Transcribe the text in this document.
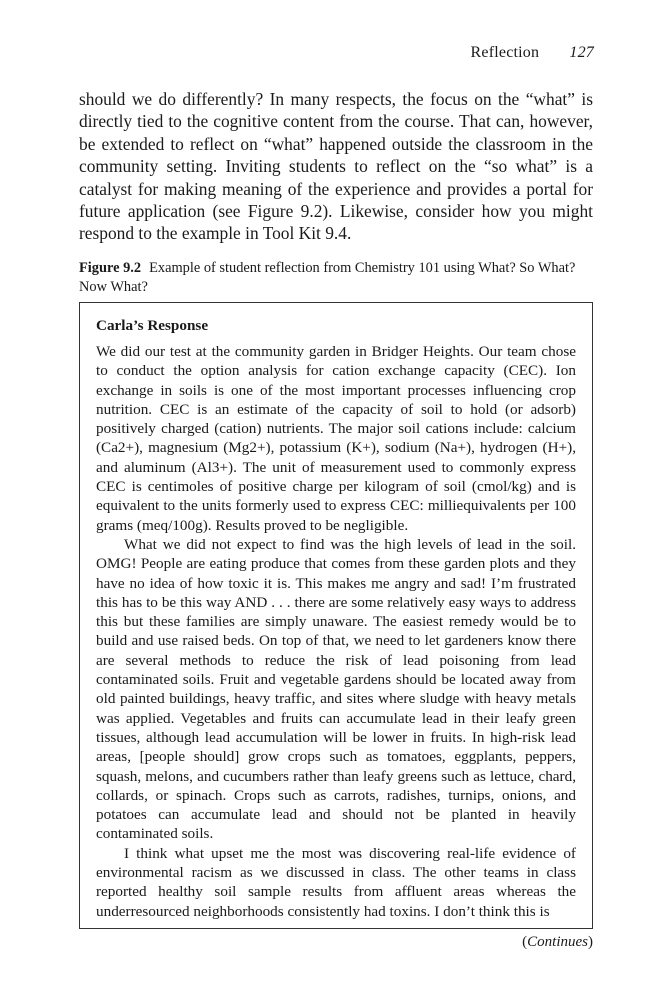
Reflection 127

should we do differently? In many respects, the focus on the “what” is directly tied to the cognitive content from the course. That can, however, be extended to reflect on “what” happened outside the classroom in the community setting. Inviting students to reflect on the “so what” is a catalyst for making meaning of the experience and provides a portal for future application (see Figure 9.2). Likewise, consider how you might respond to the example in Tool Kit 9.4.

Figure 9.2 Example of student reflection from Chemistry 101 using What? So What? Now What?

Carla’s Response

We did our test at the community garden in Bridger Heights. Our team chose to conduct the option analysis for cation exchange capacity (CEC). Ion exchange in soils is one of the most important processes influencing crop nutrition. CEC is an estimate of the capacity of soil to hold (or adsorb) positively charged (cation) nutrients. The major soil cations include: calcium (Ca2+), magnesium (Mg2+), potassium (K+), sodium (Na+), hydrogen (H+), and aluminum (Al3+). The unit of measurement used to commonly express CEC is centimoles of positive charge per kilogram of soil (cmol/kg) and is equivalent to the units formerly used to express CEC: milliequivalents per 100 grams (meq/100g). Results proved to be negligible.

What we did not expect to find was the high levels of lead in the soil. OMG! People are eating produce that comes from these garden plots and they have no idea of how toxic it is. This makes me angry and sad! I’m frustrated this has to be this way AND . . . there are some relatively easy ways to address this but these families are simply unaware. The easiest remedy would be to build and use raised beds. On top of that, we need to let gardeners know there are several methods to reduce the risk of lead poisoning from lead contaminated soils. Fruit and vegetable gardens should be located away from old painted buildings, heavy traffic, and sites where sludge with heavy metals was applied. Vegetables and fruits can accumulate lead in their leafy green tissues, although lead accumulation will be lower in fruits. In high-risk lead areas, [people should] grow crops such as tomatoes, eggplants, peppers, squash, melons, and cucumbers rather than leafy greens such as lettuce, chard, collards, or spinach. Crops such as carrots, radishes, turnips, onions, and potatoes can accumulate lead and should not be planted in heavily contaminated soils.

I think what upset me the most was discovering real-life evidence of environmental racism as we discussed in class. The other teams in class reported healthy soil sample results from affluent areas whereas the underresourced neighborhoods consistently had toxins. I don’t think this is

(Continues)
